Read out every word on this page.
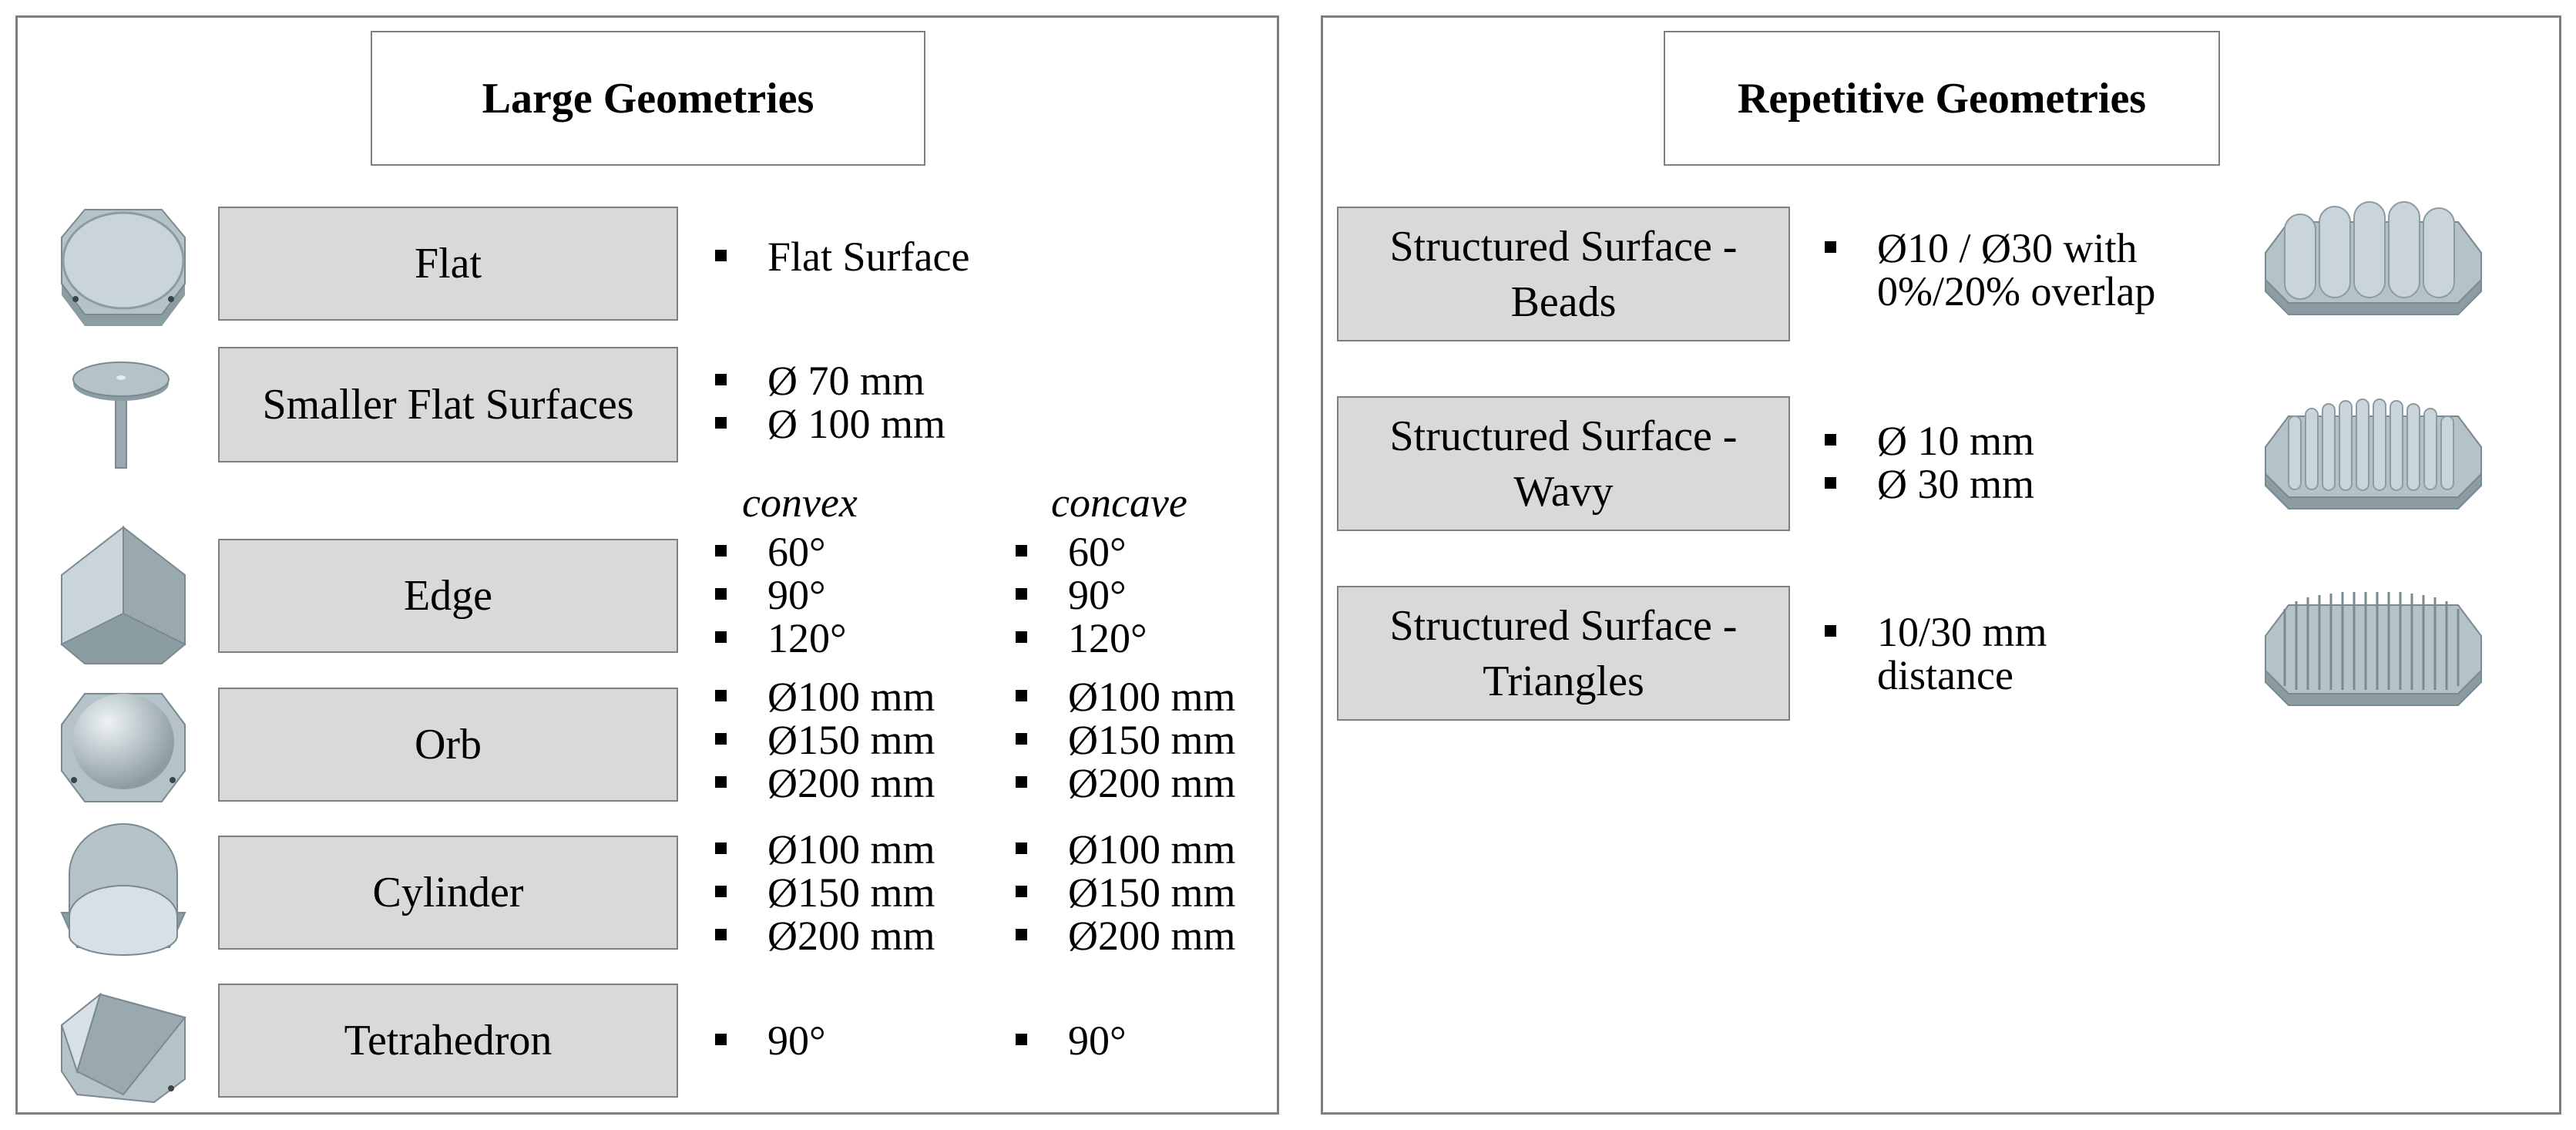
Large Geometries
Flat
Smaller Flat Surfaces
Edge
Orb
Cylinder
Tetrahedron
convex	concave
Flat Surface
Ø 70 mm
Ø 100 mm
60°
90°
120°
60°
90°
120°
Ø100 mm
Ø150 mm
Ø200 mm
Ø100 mm
Ø150 mm
Ø200 mm
Ø100 mm
Ø150 mm
Ø200 mm
Ø100 mm
Ø150 mm
Ø200 mm
90°	90°
Repetitive Geometries
Structured Surface -
Beads
Structured Surface -
Wavy
Structured Surface -
Triangles
Ø10 / Ø30 with
0%/20% overlap
Ø 10 mm
Ø 30 mm
10/30 mm
distance
